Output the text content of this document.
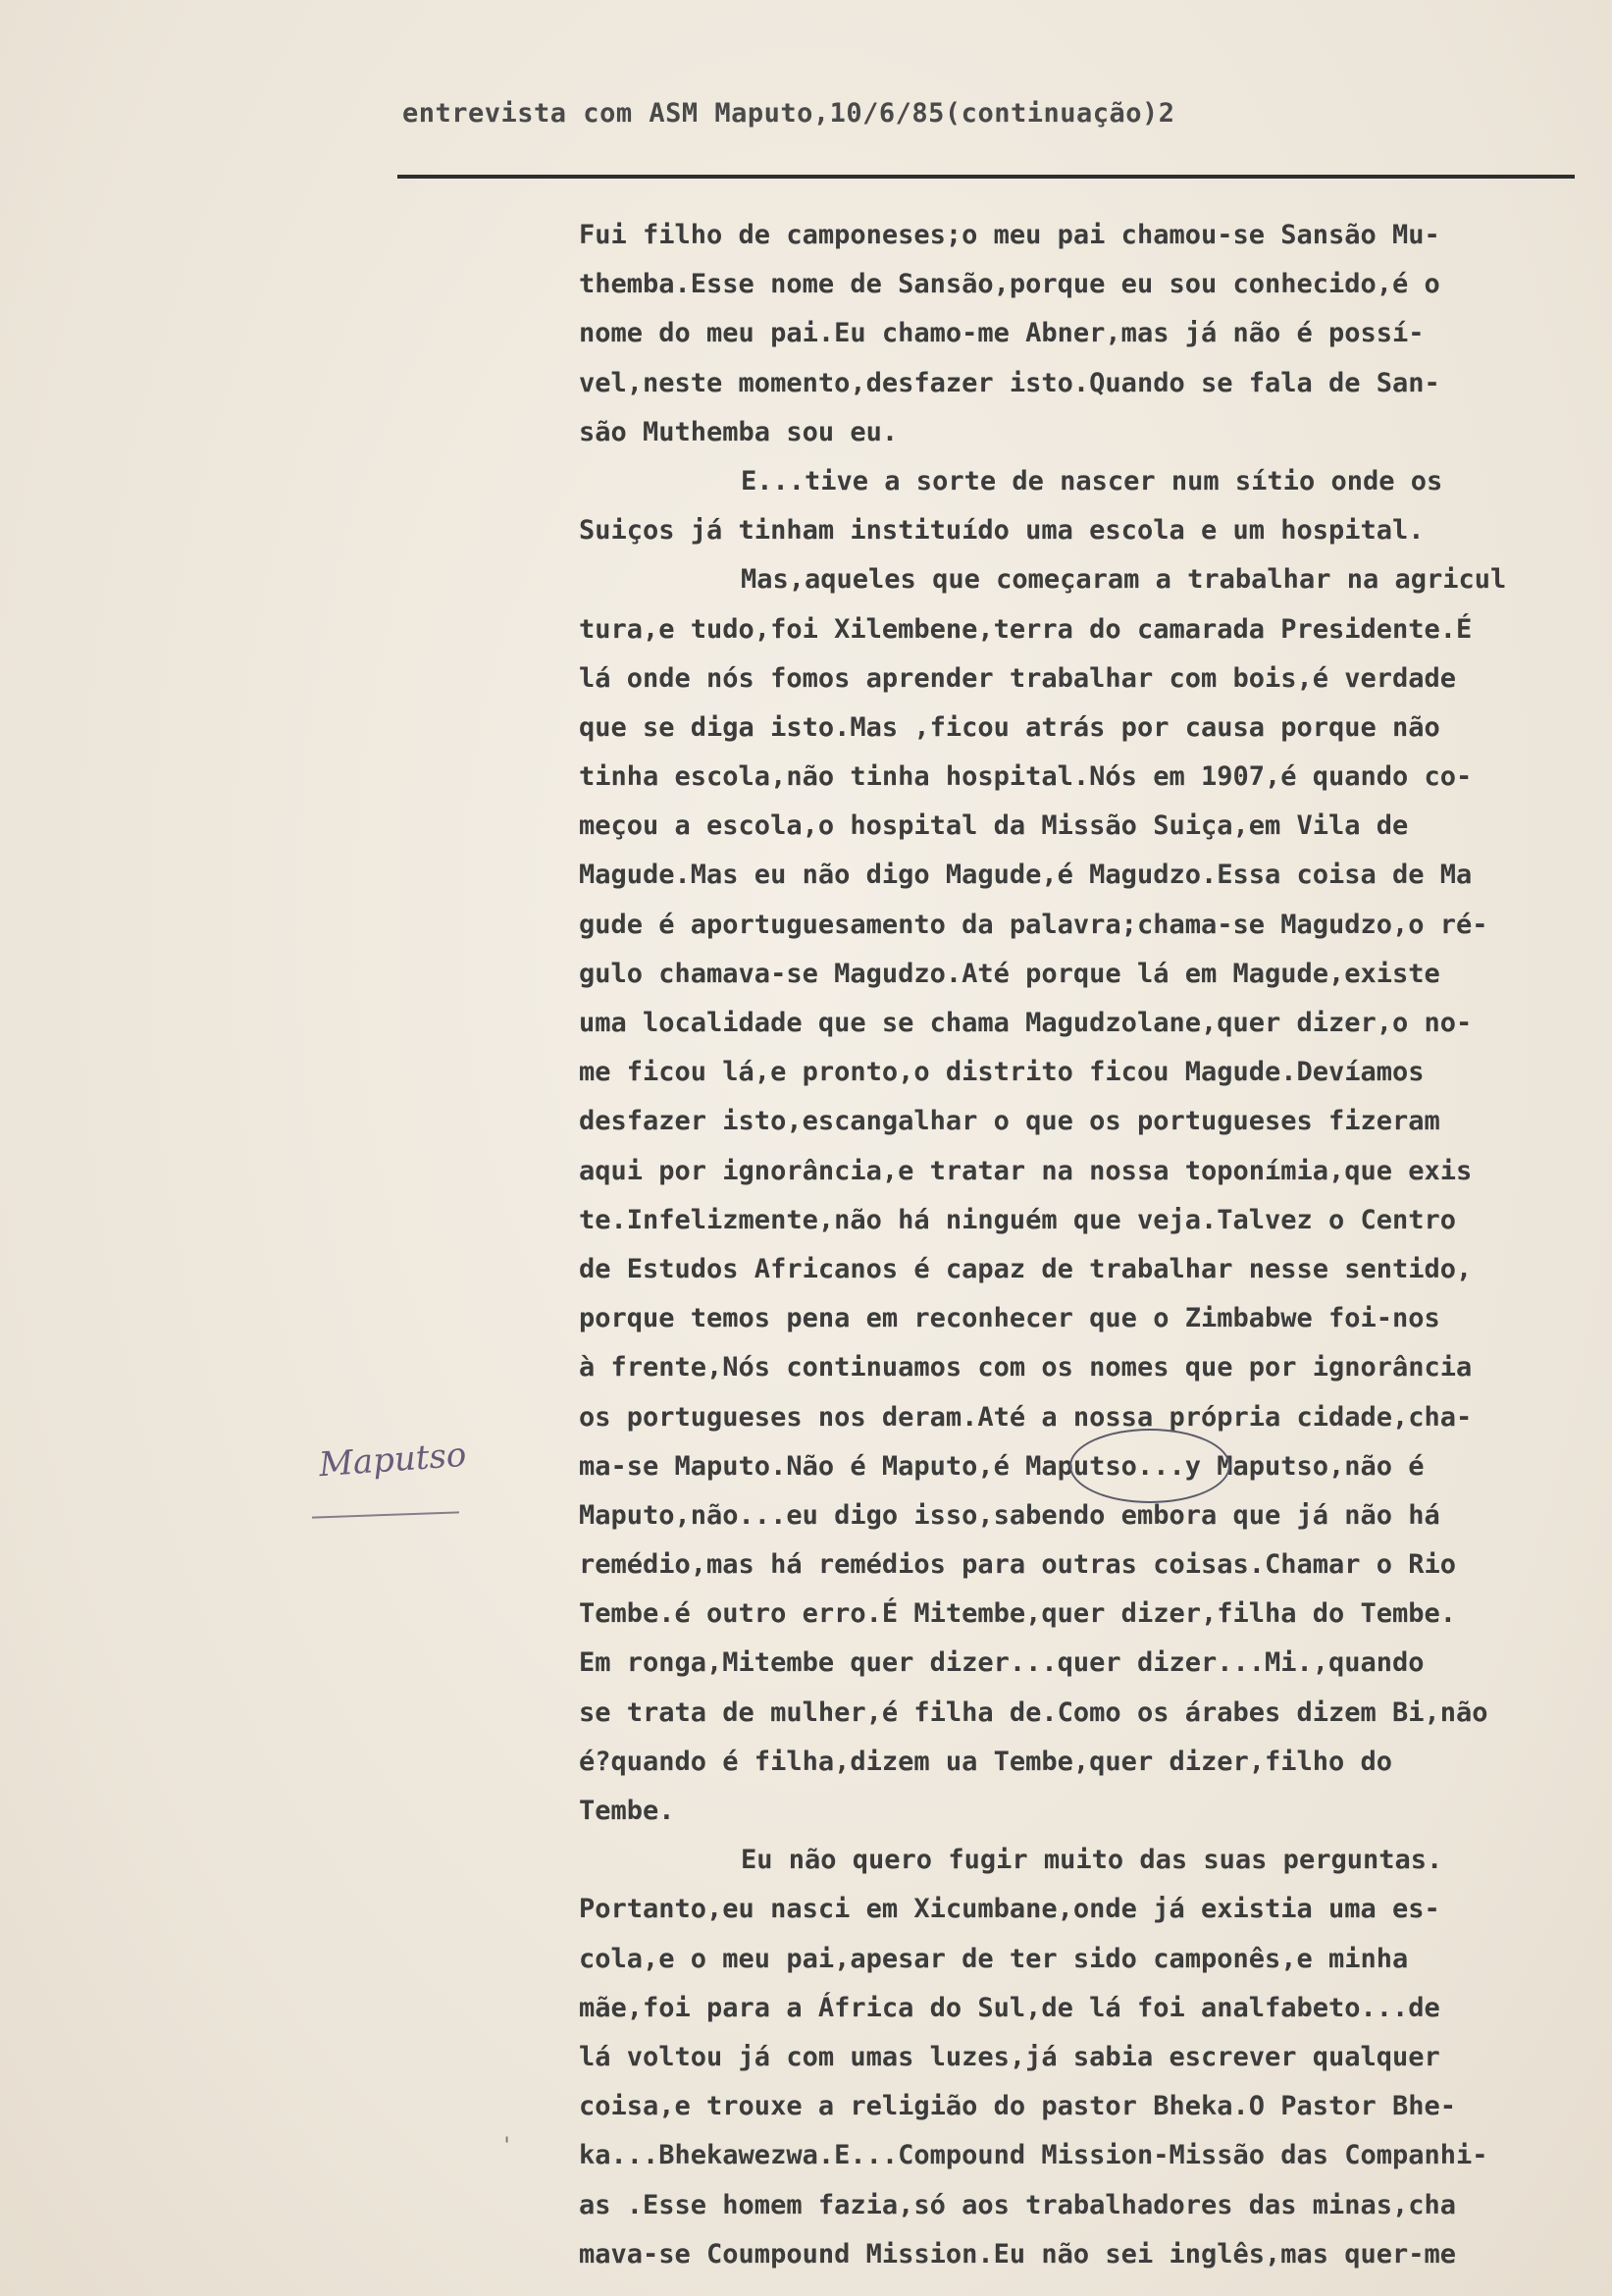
entrevista com ASM Maputo,10/6/85(continuação)2
Fui filho de camponeses;o meu pai chamou-se Sansão Mu-
themba.Esse nome de Sansão,porque eu sou conhecido,é o
nome do meu pai.Eu chamo-me Abner,mas já não é possí-
vel,neste momento,desfazer isto.Quando se fala de San-
são Muthemba sou eu.
E...tive a sorte de nascer num sítio onde os
Suiços já tinham instituído uma escola e um hospital.
Mas,aqueles que começaram a trabalhar na agricul
tura,e tudo,foi Xilembene,terra do camarada Presidente.É
lá onde nós fomos aprender trabalhar com bois,é verdade
que se diga isto.Mas ,ficou atrás por causa porque não
tinha escola,não tinha hospital.Nós em 1907,é quando co-
meçou a escola,o hospital da Missão Suiça,em Vila de
Magude.Mas eu não digo Magude,é Magudzo.Essa coisa de Ma
gude é aportuguesamento da palavra;chama-se Magudzo,o ré-
gulo chamava-se Magudzo.Até porque lá em Magude,existe
uma localidade que se chama Magudzolane,quer dizer,o no-
me ficou lá,e pronto,o distrito ficou Magude.Devíamos
desfazer isto,escangalhar o que os portugueses fizeram
aqui por ignorância,e tratar na nossa toponímia,que exis
te.Infelizmente,não há ninguém que veja.Talvez o Centro
de Estudos Africanos é capaz de trabalhar nesse sentido,
porque temos pena em reconhecer que o Zimbabwe foi-nos
à frente,Nós continuamos com os nomes que por ignorância
os portugueses nos deram.Até a nossa própria cidade,cha-
ma-se Maputo.Não é Maputo,é Maputso...y Maputso,não é
Maputo,não...eu digo isso,sabendo embora que já não há
remédio,mas há remédios para outras coisas.Chamar o Rio
Tembe.é outro erro.É Mitembe,quer dizer,filha do Tembe.
Em ronga,Mitembe quer dizer...quer dizer...Mi.,quando
se trata de mulher,é filha de.Como os árabes dizem Bi,não
é?quando é filha,dizem ua Tembe,quer dizer,filho do
Tembe.
Eu não quero fugir muito das suas perguntas.
Portanto,eu nasci em Xicumbane,onde já existia uma es-
cola,e o meu pai,apesar de ter sido camponês,e minha
mãe,foi para a África do Sul,de lá foi analfabeto...de
lá voltou já com umas luzes,já sabia escrever qualquer
coisa,e trouxe a religião do pastor Bheka.O Pastor Bhe-
ka...Bhekawezwa.E...Compound Mission-Missão das Companhi-
as .Esse homem fazia,só aos trabalhadores das minas,cha
mava-se Coumpound Mission.Eu não sei inglês,mas quer-me
Maputso
'
